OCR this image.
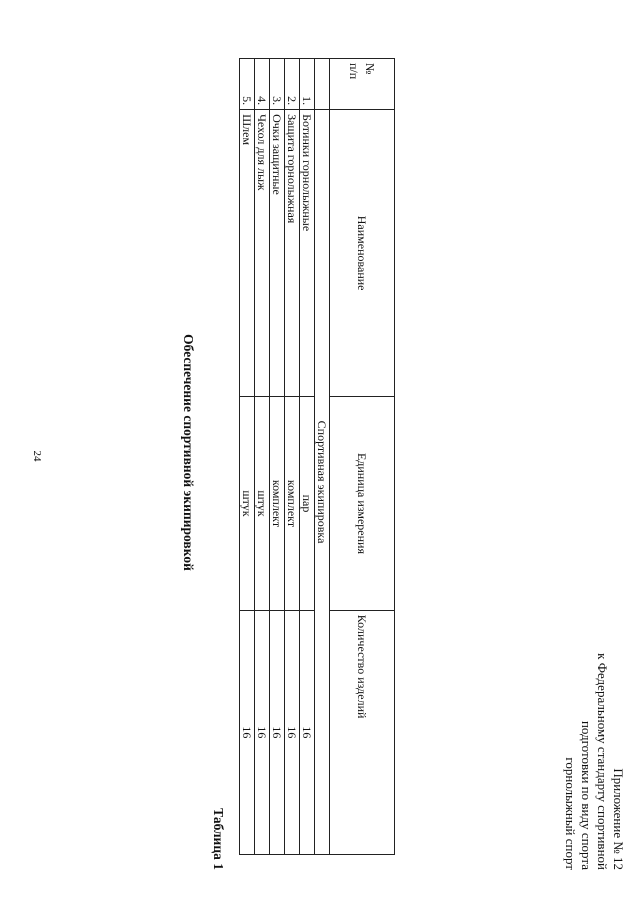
24
Приложение № 12
к Федеральному стандарту спортивной
подготовки по виду спорта
горнолыжный спорт
Таблица 1
Обеспечение спортивной экипировкой
№
п/п	Наименование	Единица измерения	Количество изделий
	Спортивная экипировка		
1.	Ботинки горнолыжные	пар	16
2.	Защита горнолыжная	комплект	16
3.	Очки защитные	комплект	16
4.	Чехол для лыж	штук	16
5.	Шлем	штук	16
